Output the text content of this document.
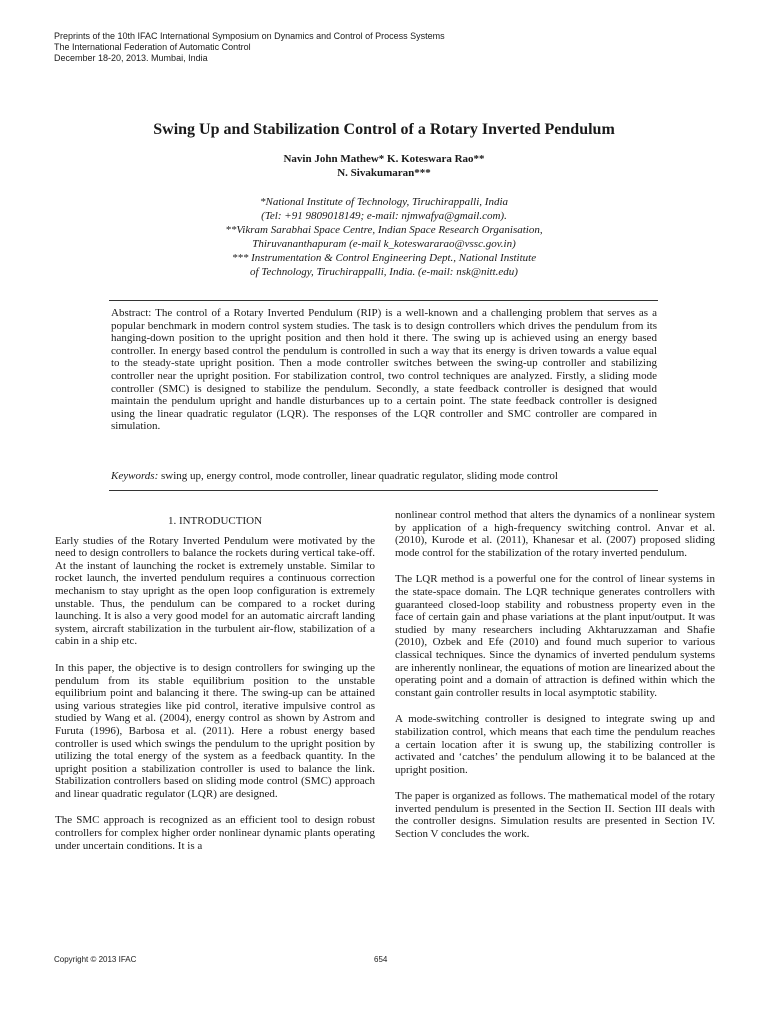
Preprints of the 10th IFAC International Symposium on Dynamics and Control of Process Systems
The International Federation of Automatic Control
December 18-20, 2013. Mumbai, India
Swing Up and Stabilization Control of a Rotary Inverted Pendulum
Navin John Mathew* K. Koteswara Rao**
N. Sivakumaran***
*National Institute of Technology, Tiruchirappalli, India
(Tel: +91 9809018149; e-mail: njmwafya@gmail.com).
**Vikram Sarabhai Space Centre, Indian Space Research Organisation,
Thiruvananthapuram (e-mail k_koteswararao@vssc.gov.in)
*** Instrumentation & Control Engineering Dept., National Institute
of Technology, Tiruchirappalli, India. (e-mail: nsk@nitt.edu)
Abstract: The control of a Rotary Inverted Pendulum (RIP) is a well-known and a challenging problem that serves as a popular benchmark in modern control system studies. The task is to design controllers which drives the pendulum from its hanging-down position to the upright position and then hold it there. The swing up is achieved using an energy based controller. In energy based control the pendulum is controlled in such a way that its energy is driven towards a value equal to the steady-state upright position. Then a mode controller switches between the swing-up controller and stabilizing controller near the upright position. For stabilization control, two control techniques are analyzed. Firstly, a sliding mode controller (SMC) is designed to stabilize the pendulum. Secondly, a state feedback controller is designed that would maintain the pendulum upright and handle disturbances up to a certain point. The state feedback controller is designed using the linear quadratic regulator (LQR). The responses of the LQR controller and SMC controller are compared in simulation.
Keywords: swing up, energy control, mode controller, linear quadratic regulator, sliding mode control

1. INTRODUCTION

Early studies of the Rotary Inverted Pendulum were motivated by the need to design controllers to balance the rockets during vertical take-off. At the instant of launching the rocket is extremely unstable. Similar to rocket launch, the inverted pendulum requires a continuous correction mechanism to stay upright as the open loop configuration is extremely unstable. Thus, the pendulum can be compared to a rocket during launching. It is also a very good model for an automatic aircraft landing system, aircraft stabilization in the turbulent air-flow, stabilization of a cabin in a ship etc.

In this paper, the objective is to design controllers for swinging up the pendulum from its stable equilibrium position to the unstable equilibrium point and balancing it there. The swing-up can be attained using various strategies like pid control, iterative impulsive control as studied by Wang et al. (2004), energy control as shown by Astrom and Furuta (1996), Barbosa et al. (2011). Here a robust energy based controller is used which swings the pendulum to the upright position by utilizing the total energy of the system as a feedback quantity. In the upright position a stabilization controller is used to balance the link. Stabilization controllers based on sliding mode control (SMC) approach and linear quadratic regulator (LQR) are designed.

The SMC approach is recognized as an efficient tool to design robust controllers for complex higher order nonlinear dynamic plants operating under uncertain conditions. It is a

nonlinear control method that alters the dynamics of a nonlinear system by application of a high-frequency switching control. Anvar et al. (2010), Kurode et al. (2011), Khanesar et al. (2007) proposed sliding mode control for the stabilization of the rotary inverted pendulum.

The LQR method is a powerful one for the control of linear systems in the state-space domain. The LQR technique generates controllers with guaranteed closed-loop stability and robustness property even in the face of certain gain and phase variations at the plant input/output. It was studied by many researchers including Akhtaruzzaman and Shafie (2010), Ozbek and Efe (2010) and found much superior to various classical techniques. Since the dynamics of inverted pendulum systems are inherently nonlinear, the equations of motion are linearized about the operating point and a domain of attraction is defined within which the constant gain controller results in local asymptotic stability.

A mode-switching controller is designed to integrate swing up and stabilization control, which means that each time the pendulum reaches a certain location after it is swung up, the stabilizing controller is activated and ‘catches’ the pendulum allowing it to be balanced at the upright position.

The paper is organized as follows. The mathematical model of the rotary inverted pendulum is presented in the Section II. Section III deals with the controller designs. Simulation results are presented in Section IV. Section V concludes the work.

Copyright © 2013 IFAC	654
